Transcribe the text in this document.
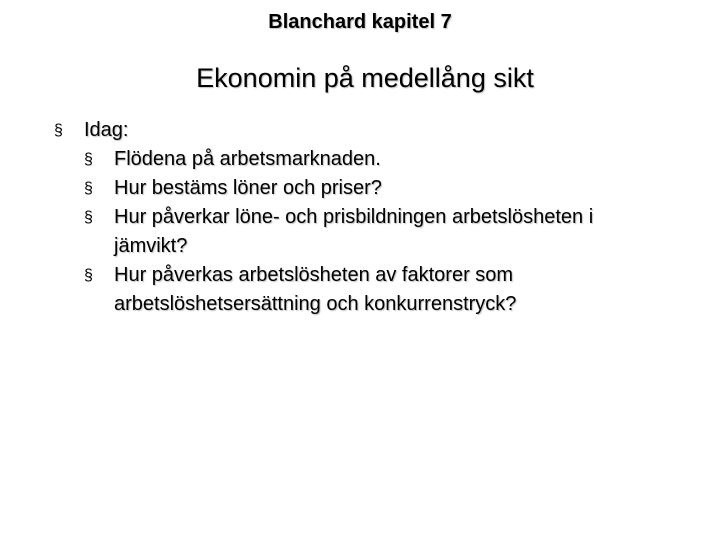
Blanchard kapitel 7
Ekonomin på medellång sikt
§	Idag:
§	Flödena på arbetsmarknaden.
§	Hur bestäms löner och priser?
§	Hur påverkar löne- och prisbildningen arbetslösheten i jämvikt?
§	Hur påverkas arbetslösheten av faktorer som arbetslöshetsersättning och konkurrenstryck?
